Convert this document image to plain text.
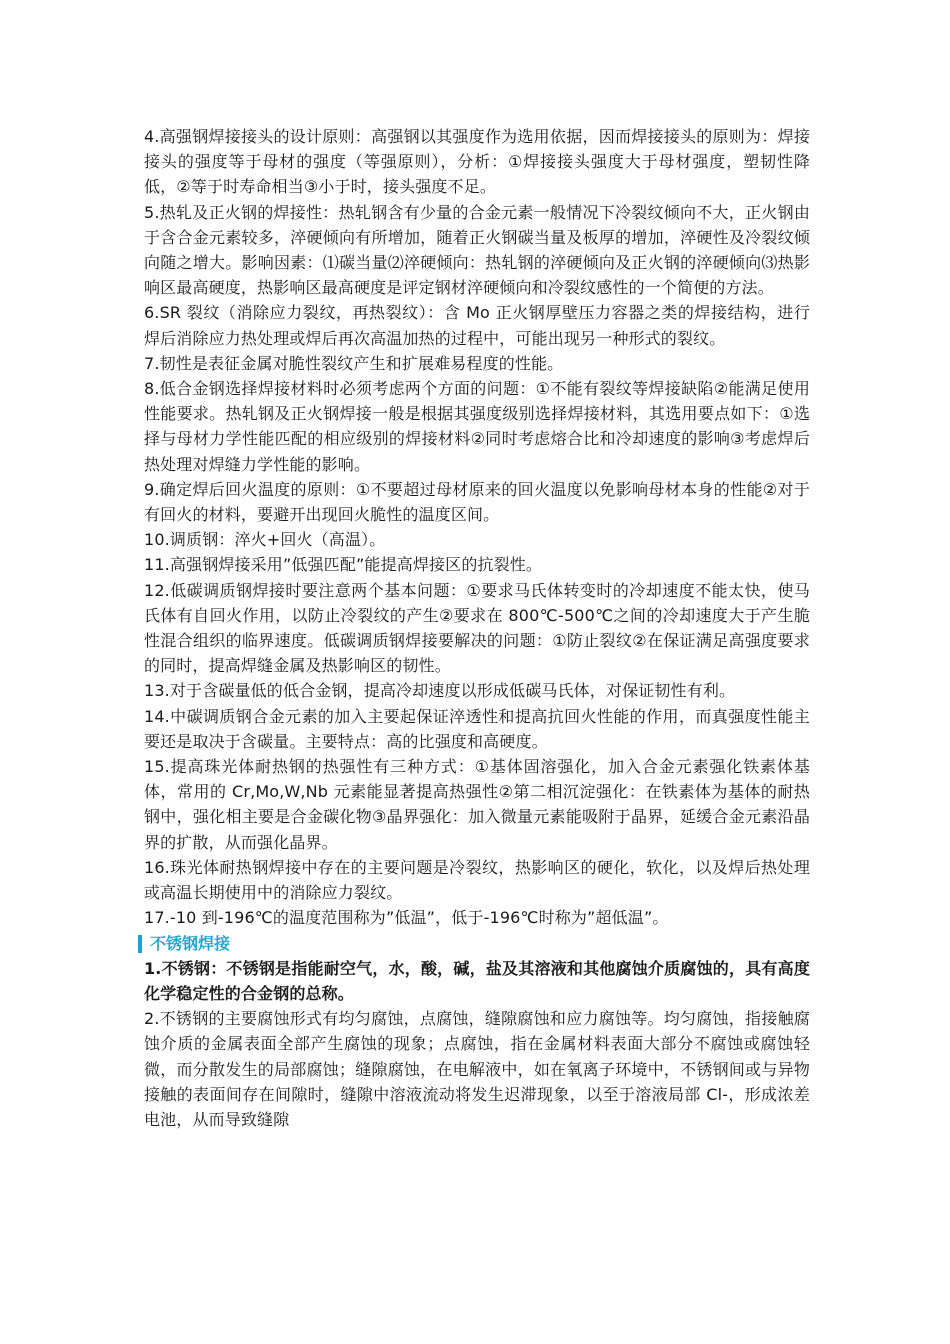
4.高强钢焊接接头的设计原则：高强钢以其强度作为选用依据，因而焊接接头的原则为：焊接接头的强度等于母材的强度（等强原则），分析：①焊接接头强度大于母材强度，塑韧性降低，②等于时寿命相当③小于时，接头强度不足。

5.热轧及正火钢的焊接性：热轧钢含有少量的合金元素一般情况下冷裂纹倾向不大，正火钢由于含合金元素较多，淬硬倾向有所增加，随着正火钢碳当量及板厚的增加，淬硬性及冷裂纹倾向随之增大。影响因素：⑴碳当量⑵淬硬倾向：热轧钢的淬硬倾向及正火钢的淬硬倾向⑶热影响区最高硬度，热影响区最高硬度是评定钢材淬硬倾向和冷裂纹感性的一个简便的方法。

6.SR 裂纹（消除应力裂纹，再热裂纹）：含 Mo 正火钢厚壁压力容器之类的焊接结构，进行焊后消除应力热处理或焊后再次高温加热的过程中，可能出现另一种形式的裂纹。

7.韧性是表征金属对脆性裂纹产生和扩展难易程度的性能。

8.低合金钢选择焊接材料时必须考虑两个方面的问题：①不能有裂纹等焊接缺陷②能满足使用性能要求。热轧钢及正火钢焊接一般是根据其强度级别选择焊接材料，其选用要点如下：①选择与母材力学性能匹配的相应级别的焊接材料②同时考虑熔合比和冷却速度的影响③考虑焊后热处理对焊缝力学性能的影响。

9.确定焊后回火温度的原则：①不要超过母材原来的回火温度以免影响母材本身的性能②对于有回火的材料，要避开出现回火脆性的温度区间。

10.调质钢：淬火+回火（高温）。

11.高强钢焊接采用”低强匹配”能提高焊接区的抗裂性。

12.低碳调质钢焊接时要注意两个基本问题：①要求马氏体转变时的冷却速度不能太快，使马氏体有自回火作用，以防止冷裂纹的产生②要求在 800℃-500℃之间的冷却速度大于产生脆性混合组织的临界速度。低碳调质钢焊接要解决的问题：①防止裂纹②在保证满足高强度要求的同时，提高焊缝金属及热影响区的韧性。

13.对于含碳量低的低合金钢，提高冷却速度以形成低碳马氏体，对保证韧性有利。

14.中碳调质钢合金元素的加入主要起保证淬透性和提高抗回火性能的作用，而真强度性能主要还是取决于含碳量。主要特点：高的比强度和高硬度。

15.提高珠光体耐热钢的热强性有三种方式：①基体固溶强化，加入合金元素强化铁素体基体，常用的 Cr,Mo,W,Nb 元素能显著提高热强性②第二相沉淀强化：在铁素体为基体的耐热钢中，强化相主要是合金碳化物③晶界强化：加入微量元素能吸附于晶界，延缓合金元素沿晶界的扩散，从而强化晶界。

16.珠光体耐热钢焊接中存在的主要问题是冷裂纹，热影响区的硬化，软化，以及焊后热处理或高温长期使用中的消除应力裂纹。

17.-10 到-196℃的温度范围称为”低温”，低于-196℃时称为”超低温”。

不锈钢焊接

1.不锈钢：不锈钢是指能耐空气，水，酸，碱，盐及其溶液和其他腐蚀介质腐蚀的，具有高度化学稳定性的合金钢的总称。

2.不锈钢的主要腐蚀形式有均匀腐蚀，点腐蚀，缝隙腐蚀和应力腐蚀等。均匀腐蚀，指接触腐蚀介质的金属表面全部产生腐蚀的现象；点腐蚀，指在金属材料表面大部分不腐蚀或腐蚀轻微，而分散发生的局部腐蚀；缝隙腐蚀，在电解液中，如在氧离子环境中，不锈钢间或与异物接触的表面间存在间隙时，缝隙中溶液流动将发生迟滞现象，以至于溶液局部 Cl-，形成浓差电池，从而导致缝隙
